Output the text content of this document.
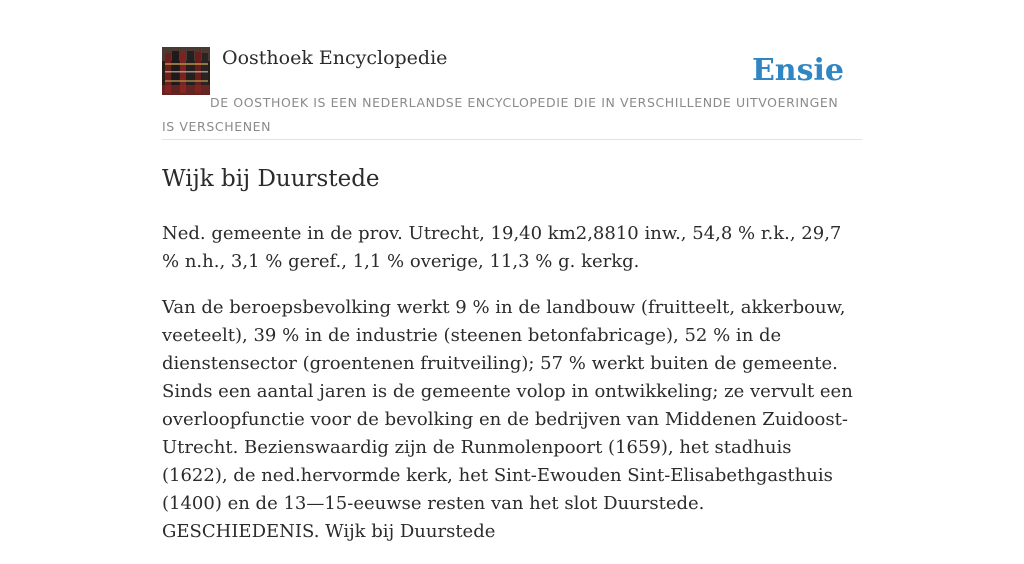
Oosthoek Encyclopedie	Ensie
DE OOSTHOEK IS EEN NEDERLANDSE ENCYCLOPEDIE DIE IN VERSCHILLENDE UITVOERINGEN IS VERSCHENEN
Wijk bij Duurstede

Ned. gemeente in de prov. Utrecht, 19,40 km2,8810 inw., 54,8 % r.k., 29,7 % n.h., 3,1 % geref., 1,1 % overige, 11,3 % g. kerkg.

Van de beroepsbevolking werkt 9 % in de landbouw (fruitteelt, akkerbouw, veeteelt), 39 % in de industrie (steenen betonfabricage), 52 % in de dienstensector (groentenen fruitveiling); 57 % werkt buiten de gemeente. Sinds een aantal jaren is de gemeente volop in ontwikkeling; ze vervult een overloopfunctie voor de bevolking en de bedrijven van Middenen Zuidoost-Utrecht. Bezienswaardig zijn de Runmolenpoort (1659), het stadhuis (1622), de ned.hervormde kerk, het Sint-Ewouden Sint-Elisabethgasthuis (1400) en de 13—15-eeuwse resten van het slot Duurstede. GESCHIEDENIS. Wijk bij Duurstede
